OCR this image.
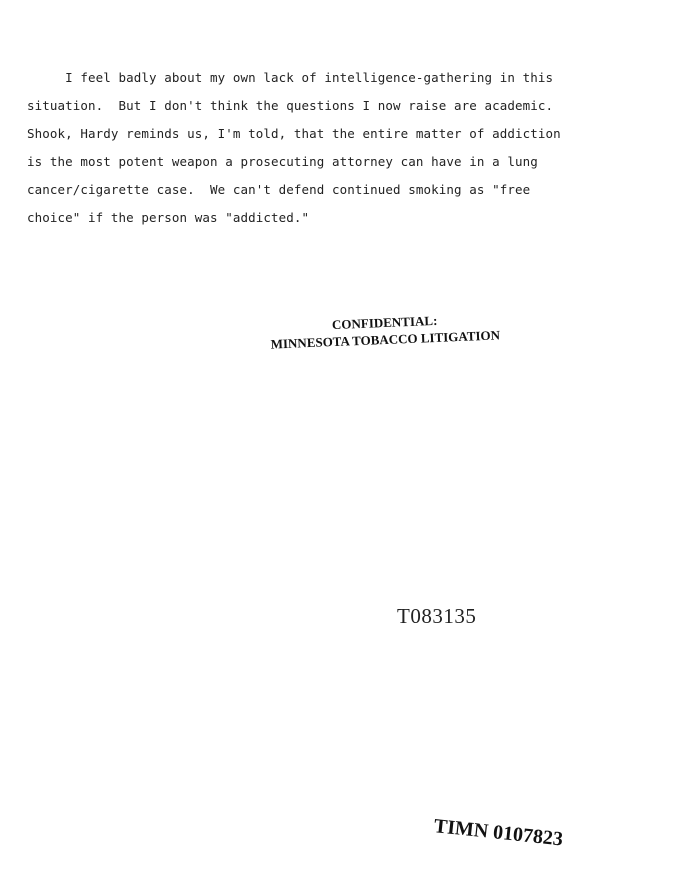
I feel badly about my own lack of intelligence-gathering in this
situation.  But I don't think the questions I now raise are academic.
Shook, Hardy reminds us, I'm told, that the entire matter of addiction
is the most potent weapon a prosecuting attorney can have in a lung
cancer/cigarette case.  We can't defend continued smoking as "free
choice" if the person was "addicted."
CONFIDENTIAL:
MINNESOTA TOBACCO LITIGATION
T083135
TIMN 0107823
